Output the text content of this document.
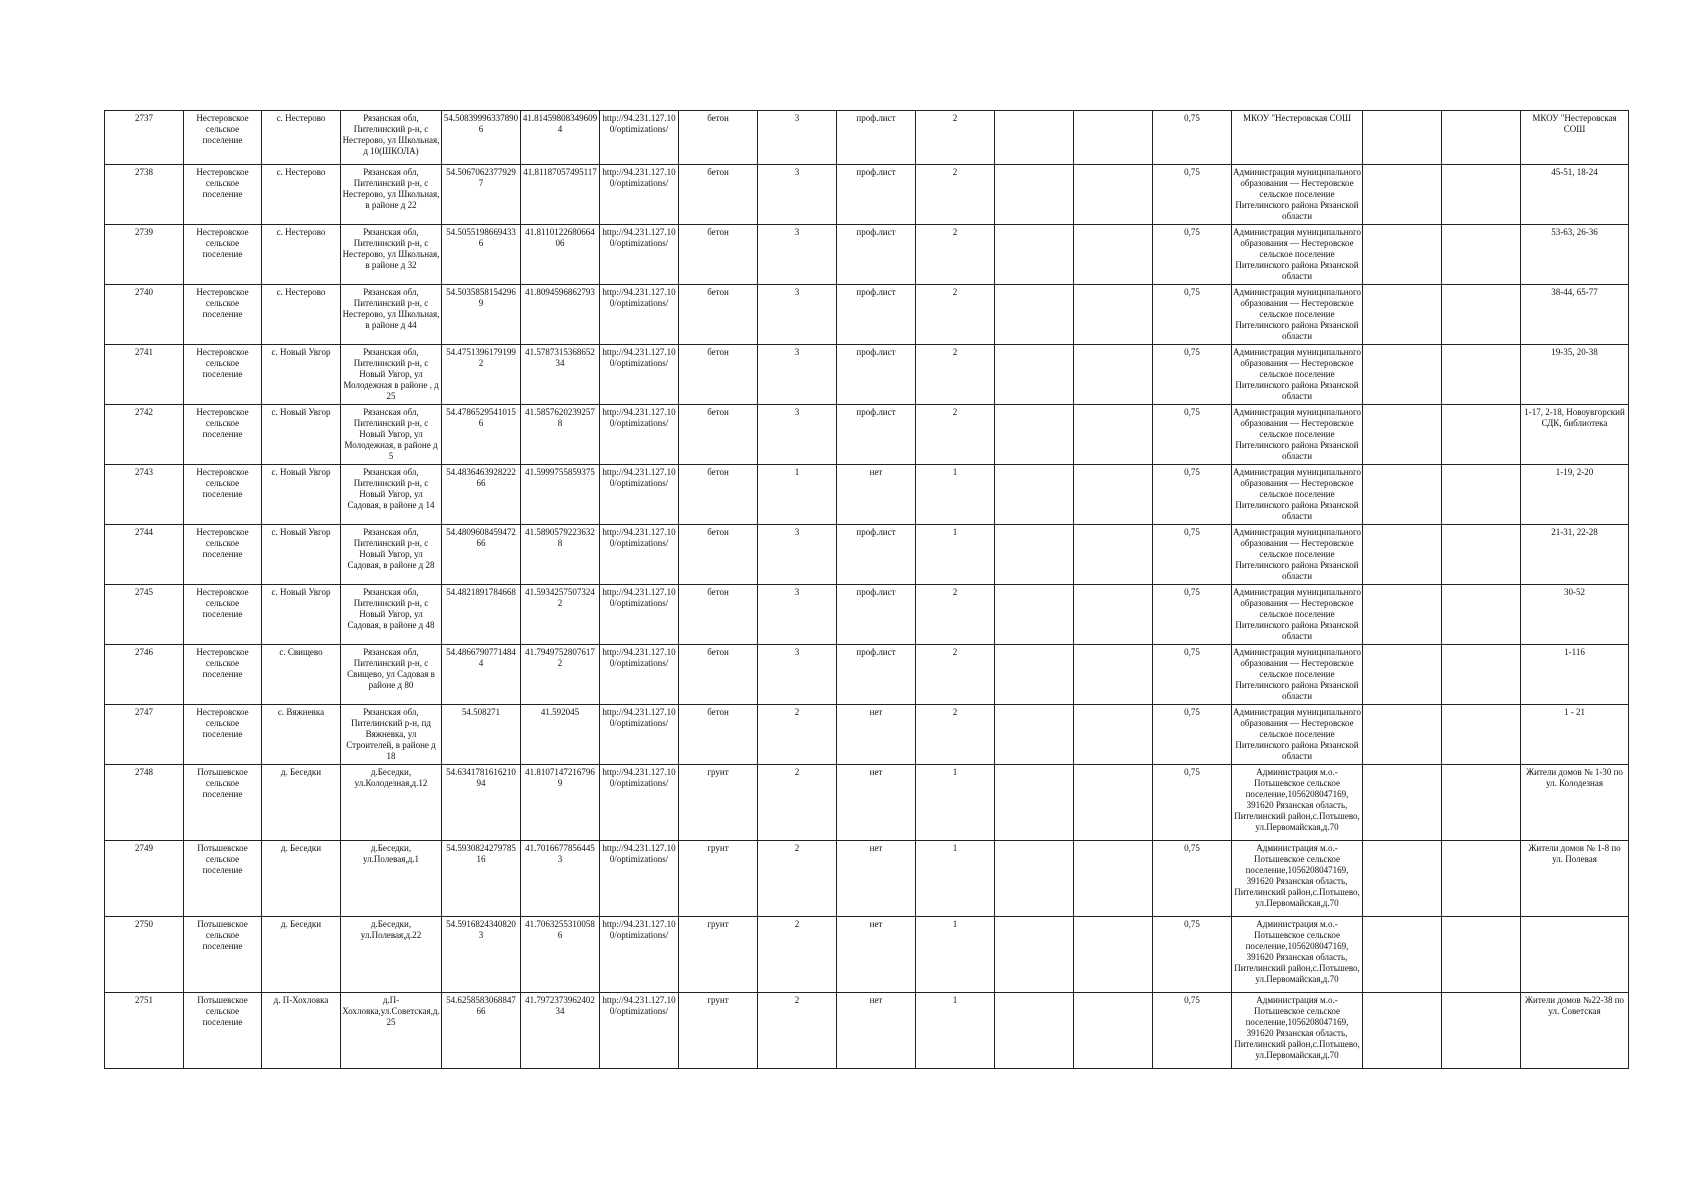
2737	Нестеровское сельское поселение	с. Нестерово	Рязанская обл, Пителинский р-н, с Нестерово, ул Школьная, д 10(ШКОЛА)	54.508399963378906	41.81459808349609 4	http://94.231.127.100/optimizations/	бетон	3	проф.лист	2			0,75	МКОУ "Нестеровская СОШ			МКОУ "Нестеровская СОШ
2738	Нестеровское сельское поселение	с. Нестерово	Рязанская обл, Пителинский р-н, с Нестерово, ул Школьная, в районе д 22	54.5067062377929 7	41.81187057495117	http://94.231.127.100/optimizations/	бетон	3	проф.лист	2			0,75	Администрация муниципального образования — Нестеровское сельское поселение Пителинского района Рязанской области			45-51, 18-24
2739	Нестеровское сельское поселение	с. Нестерово	Рязанская обл, Пителинский р-н, с Нестерово, ул Школьная, в районе д 32	54.5055198669433 6	41.8110122680664 06	http://94.231.127.100/optimizations/	бетон	3	проф.лист	2			0,75	Администрация муниципального образования — Нестеровское сельское поселение Пителинского района Рязанской области			53-63, 26-36
2740	Нестеровское сельское поселение	с. Нестерово	Рязанская обл, Пителинский р-н, с Нестерово, ул Школьная, в районе д 44	54.5035858154296 9	41.8094596862793	http://94.231.127.100/optimizations/	бетон	3	проф.лист	2			0,75	Администрация муниципального образования — Нестеровское сельское поселение Пителинского района Рязанской области			38-44, 65-77
2741	Нестеровское сельское поселение	с. Новый Увгор	Рязанская обл, Пителинский р-н, с Новый Увгор, ул Молодежная в районе , д 25	54.4751396179199 2	41.5787315368652 34	http://94.231.127.100/optimizations/	бетон	3	проф.лист	2			0,75	Администрация муниципального образования — Нестеровское сельское поселение Пителинского района Рязанской области			19-35, 20-38
2742	Нестеровское сельское поселение	с. Новый Увгор	Рязанская обл, Пителинский р-н, с Новый Увгор, ул Молодежная, в районе д 5	54.4786529541015 6	41.5857620239257 8	http://94.231.127.100/optimizations/	бетон	3	проф.лист	2			0,75	Администрация муниципального образования — Нестеровское сельское поселение Пителинского района Рязанской области			1-17, 2-18, Новоувгорский СДК, библиотека
2743	Нестеровское сельское поселение	с. Новый Увгор	Рязанская обл, Пителинский р-н, с Новый Увгор, ул Садовая, в районе д 14	54.4836463928222 66	41.5999755859375	http://94.231.127.100/optimizations/	бетон	1	нет	1			0,75	Администрация муниципального образования — Нестеровское сельское поселение Пителинского района Рязанской области			1-19, 2-20
2744	Нестеровское сельское поселение	с. Новый Увгор	Рязанская обл, Пителинский р-н, с Новый Увгор, ул Садовая, в районе д 28	54.4809608459472 66	41.5890579223632 8	http://94.231.127.100/optimizations/	бетон	3	проф.лист	1			0,75	Администрация муниципального образования — Нестеровское сельское поселение Пителинского района Рязанской области			21-31, 22-28
2745	Нестеровское сельское поселение	с. Новый Увгор	Рязанская обл, Пителинский р-н, с Новый Увгор, ул Садовая, в районе д 48	54.4821891784668	41.5934257507324 2	http://94.231.127.100/optimizations/	бетон	3	проф.лист	2			0,75	Администрация муниципального образования — Нестеровское сельское поселение Пителинского района Рязанской области			30-52
2746	Нестеровское сельское поселение	с. Свищево	Рязанская обл, Пителинский р-н, с Свищево, ул Садовая в районе д 80	54.4866790771484 4	41.7949752807617 2	http://94.231.127.100/optimizations/	бетон	3	проф.лист	2			0,75	Администрация муниципального образования — Нестеровское сельское поселение Пителинского района Рязанской области			1-116
2747	Нестеровское сельское поселение	с. Вяжневка	Рязанская обл, Пителинский р-н, пд Вяжневка, ул Строителей, в районе д 18	54.508271	41.592045	http://94.231.127.100/optimizations/	бетон	2	нет	2			0,75	Администрация муниципального образования — Нестеровское сельское поселение Пителинского района Рязанской области			1 - 21
2748	Потьшевское сельское поселение	д. Беседки	д.Беседки, ул.Колодезная,д.12	54.6341781616210 94	41.8107147216796 9	http://94.231.127.100/optimizations/	грунт	2	нет	1			0,75	Администрация м.о.- Потьшевское сельское поселение,1056208047169, 391620 Рязанская область, Пителинский район,с.Потьшево, ул.Первомайская,д.70			Жители домов № 1-30 по ул. Колодезная
2749	Потьшевское сельское поселение	д. Беседки	д.Беседки, ул.Полевая,д.1	54.5930824279785 16	41.7016677856445 3	http://94.231.127.100/optimizations/	грунт	2	нет	1			0,75	Администрация м.о.- Потьшевское сельское поселение,1056208047169, 391620 Рязанская область, Пителинский район,с.Потьшево, ул.Первомайская,д.70			Жители домов № 1-8 по ул. Полевая
2750	Потьшевское сельское поселение	д. Беседки	д.Беседки, ул.Полевая,д.22	54.5916824340820 3	41.7063255310058 6	http://94.231.127.100/optimizations/	грунт	2	нет	1			0,75	Администрация м.о.- Потьшевское сельское поселение,1056208047169, 391620 Рязанская область, Пителинский район,с.Потьшево, ул.Первомайская,д.70			
2751	Потьшевское сельское поселение	д. П-Хохловка	д.П-Хохловка,ул.Советская,д.25	54.6258583068847 66	41.7972373962402 34	http://94.231.127.100/optimizations/	грунт	2	нет	1			0,75	Администрация м.о.- Потьшевское сельское поселение,1056208047169, 391620 Рязанская область, Пителинский район,с.Потьшево, ул.Первомайская,д.70			Жители домов №22-38 по ул. Советская
